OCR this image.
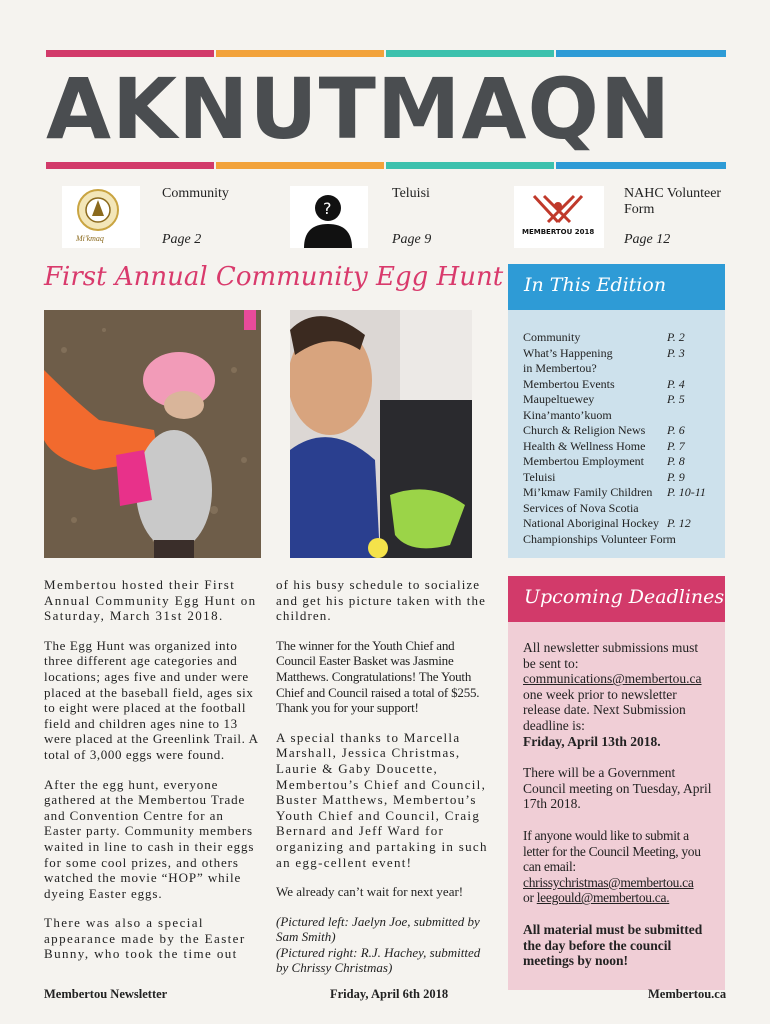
AKNUTMAQN
Mi'kmaq
Community
Page 2
?
Teluisi
Page 9	MEMBERTOU 2018
NAHC Volunteer Form
Page 12
First Annual Community Egg Hunt

Membertou hosted their First Annual Community Egg Hunt on Saturday, March 31st 2018.

The Egg Hunt was organized into three different age categories and locations; ages five and under were placed at the baseball field, ages six to eight were placed at the football field and children ages nine to 13 were placed at the Greenlink Trail. A total of 3,000 eggs were found.

After the egg hunt, everyone gathered at the Membertou Trade and Convention Centre for an Easter party. Community members waited in line to cash in their eggs for some cool prizes, and others watched the movie “HOP” while dyeing Easter eggs.

There was also a special appearance made by the Easter Bunny, who took the time out

of his busy schedule to socialize and get his picture taken with the children.

The winner for the Youth Chief and Council Easter Basket was Jasmine Matthews. Congratulations! The Youth Chief and Council raised a total of $255. Thank you for your support!

A special thanks to Marcella Marshall, Jessica Christmas, Laurie & Gaby Doucette, Membertou’s Chief and Council, Buster Matthews, Membertou’s Youth Chief and Council, Craig Bernard and Jeff Ward for organizing and partaking in such an egg-cellent event!

We already can’t wait for next year!

(Pictured left: Jaelyn Joe, submitted by Sam Smith)
(Pictured right: R.J. Hachey, submitted by Chrissy Christmas)

In This Edition
Community	P. 2
What’s Happening	P. 3
in Membertou?
Membertou Events	P. 4
Maupeltuewey	P. 5
Kina’manto’kuom
Church & Religion News P. 6
Health & Wellness Home P. 7
Membertou Employment P. 8
Teluisi	P. 9
Mi’kmaw Family Children P. 10-11
Services of Nova Scotia
National Aboriginal Hockey P. 12
Championships Volunteer Form
Upcoming Deadlines

All newsletter submissions must be sent to:
communications@membertou.ca
one week prior to newsletter release date. Next Submission deadline is:
Friday, April 13th 2018.

There will be a Government Council meeting on Tuesday, April 17th 2018.

If anyone would like to submit a letter for the Council Meeting, you can email:
chrissychristmas@membertou.ca
or leegould@membertou.ca.

All material must be submitted the day before the council meetings by noon!

Membertou Newsletter	Friday, April 6th 2018	Membertou.ca
